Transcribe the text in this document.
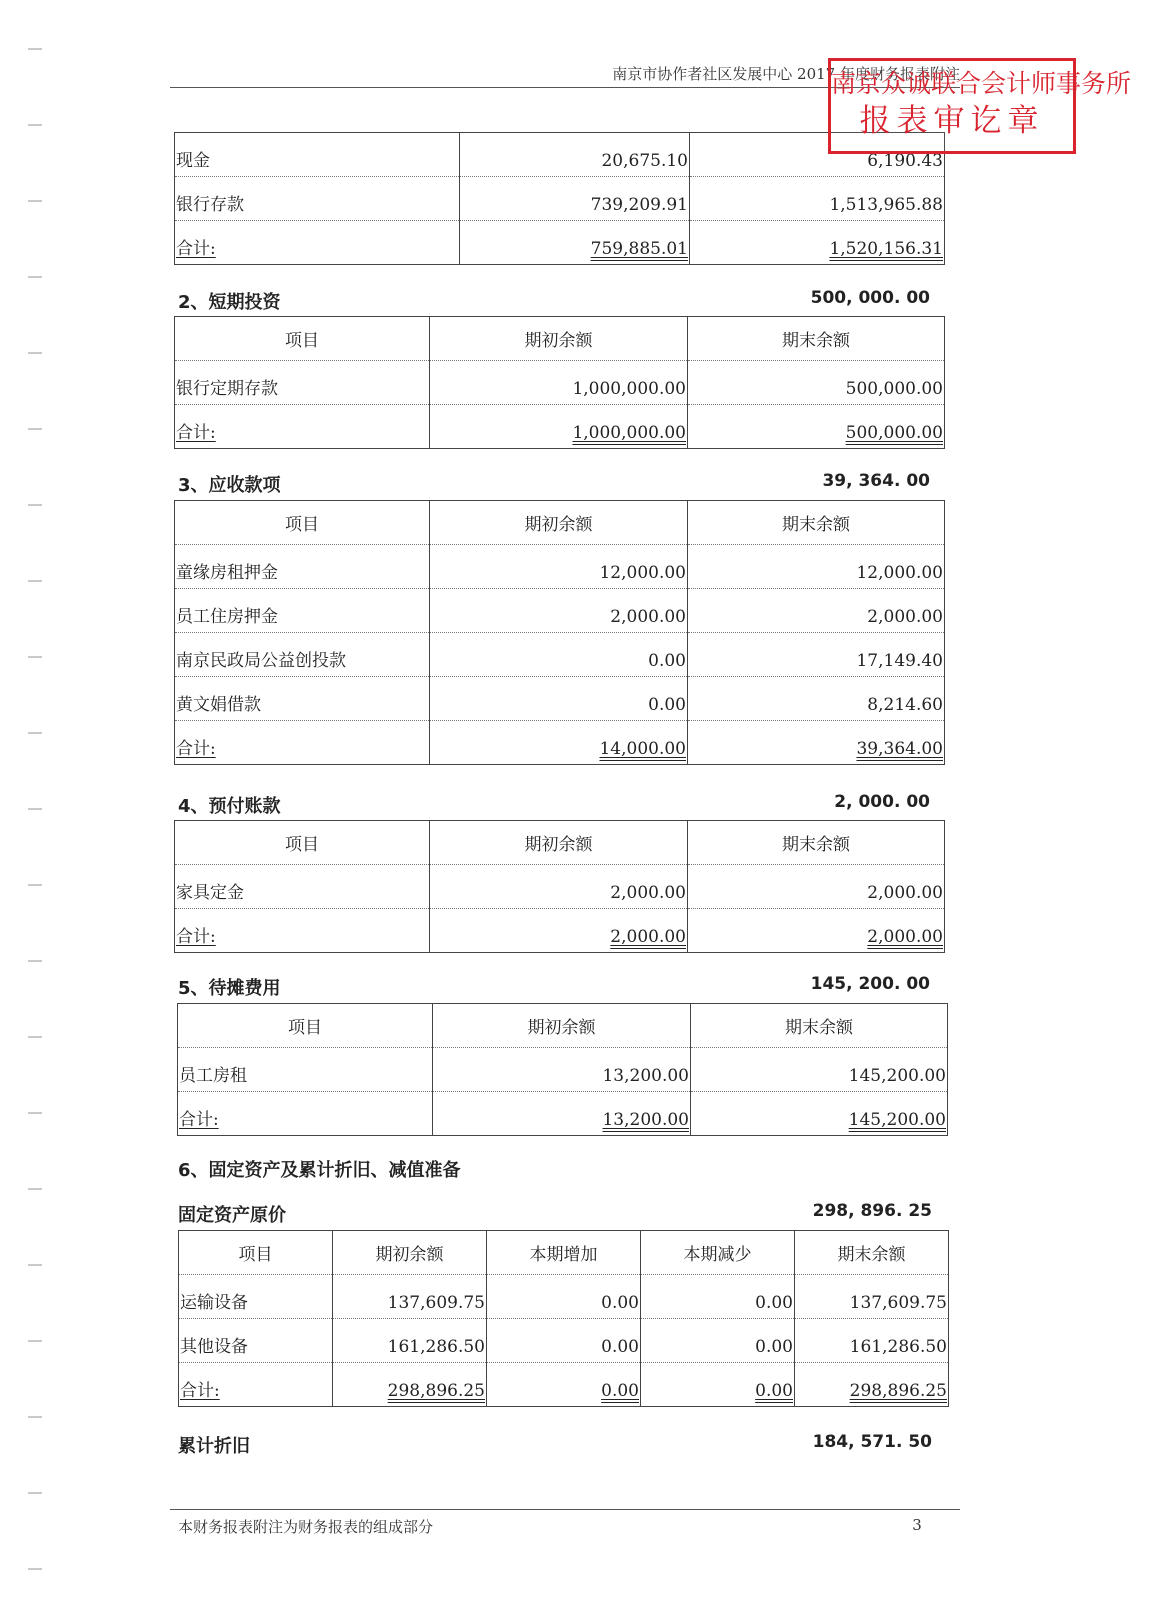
南京市协作者社区发展中心 2017 年度财务报表附注
现金	20,675.10	6,190.43
银行存款	739,209.91	1,513,965.88
合计:	759,885.01	1,520,156.31
南京众诚联合会计师事务所
报表审讫章
2、短期投资	500, 000. 00
项目	期初余额	期末余额
银行定期存款	1,000,000.00	500,000.00
合计:	1,000,000.00	500,000.00
3、应收款项	39, 364. 00
项目	期初余额	期末余额
童缘房租押金	12,000.00	12,000.00
员工住房押金	2,000.00	2,000.00
南京民政局公益创投款	0.00	17,149.40
黄文娟借款	0.00	8,214.60
合计:	14,000.00	39,364.00
4、预付账款	2, 000. 00
项目	期初余额	期末余额
家具定金	2,000.00	2,000.00
合计:	2,000.00	2,000.00
5、待摊费用	145, 200. 00
项目	期初余额	期末余额
员工房租	13,200.00	145,200.00
合计:	13,200.00	145,200.00
6、固定资产及累计折旧、减值准备
固定资产原价	298, 896. 25
项目	期初余额	本期增加	本期减少	期末余额
运输设备	137,609.75	0.00	0.00	137,609.75
其他设备	161,286.50	0.00	0.00	161,286.50
合计:	298,896.25	0.00	0.00	298,896.25
累计折旧	184, 571. 50
本财务报表附注为财务报表的组成部分	3
